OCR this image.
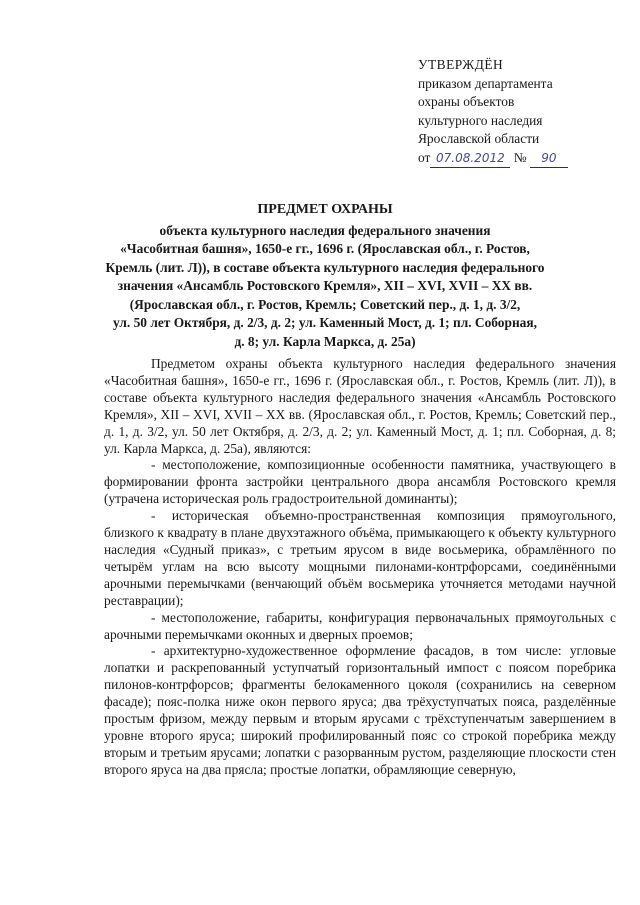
УТВЕРЖДЁН
приказом департамента
охраны объектов
культурного наследия
Ярославской области
от 07.08.2012 № 90
ПРЕДМЕТ ОХРАНЫ
объекта культурного наследия федерального значения
«Часобитная башня», 1650-е гг., 1696 г. (Ярославская обл., г. Ростов,
Кремль (лит. Л)), в составе объекта культурного наследия федерального
значения «Ансамбль Ростовского Кремля», XII – XVI, XVII – XX вв.
(Ярославская обл., г. Ростов, Кремль; Советский пер., д. 1, д. 3/2,
ул. 50 лет Октября, д. 2/3, д. 2; ул. Каменный Мост, д. 1; пл. Соборная,
д. 8; ул. Карла Маркса, д. 25а)

Предметом охраны объекта культурного наследия федерального значения «Часобитная башня», 1650-е гг., 1696 г. (Ярославская обл., г. Ростов, Кремль (лит. Л)), в составе объекта культурного наследия федерального значения «Ансамбль Ростовского Кремля», XII – XVI, XVII – XX вв. (Ярославская обл., г. Ростов, Кремль; Советский пер., д. 1, д. 3/2, ул. 50 лет Октября, д. 2/3, д. 2; ул. Каменный Мост, д. 1; пл. Соборная, д. 8; ул. Карла Маркса, д. 25а), являются:

- местоположение, композиционные особенности памятника, участвующего в формировании фронта застройки центрального двора ансамбля Ростовского кремля (утрачена историческая роль градостроительной доминанты);

- историческая объемно-пространственная композиция прямоугольного, близкого к квадрату в плане двухэтажного объёма, примыкающего к объекту культурного наследия «Судный приказ», с третьим ярусом в виде восьмерика, обрамлённого по четырём углам на всю высоту мощными пилонами-контрфорсами, соединёнными арочными перемычками (венчающий объём восьмерика уточняется методами научной реставрации);

- местоположение, габариты, конфигурация первоначальных прямоугольных с арочными перемычками оконных и дверных проемов;

- архитектурно-художественное оформление фасадов, в том числе: угловые лопатки и раскрепованный уступчатый горизонтальный импост с поясом поребрика пилонов-контрфорсов; фрагменты белокаменного цоколя (сохранились на северном фасаде); пояс-полка ниже окон первого яруса; два трёхуступчатых пояса, разделённые простым фризом, между первым и вторым ярусами с трёхступенчатым завершением в уровне второго яруса; широкий профилированный пояс со строкой поребрика между вторым и третьим ярусами; лопатки с разорванным рустом, разделяющие плоскости стен второго яруса на два прясла; простые лопатки, обрамляющие северную,
